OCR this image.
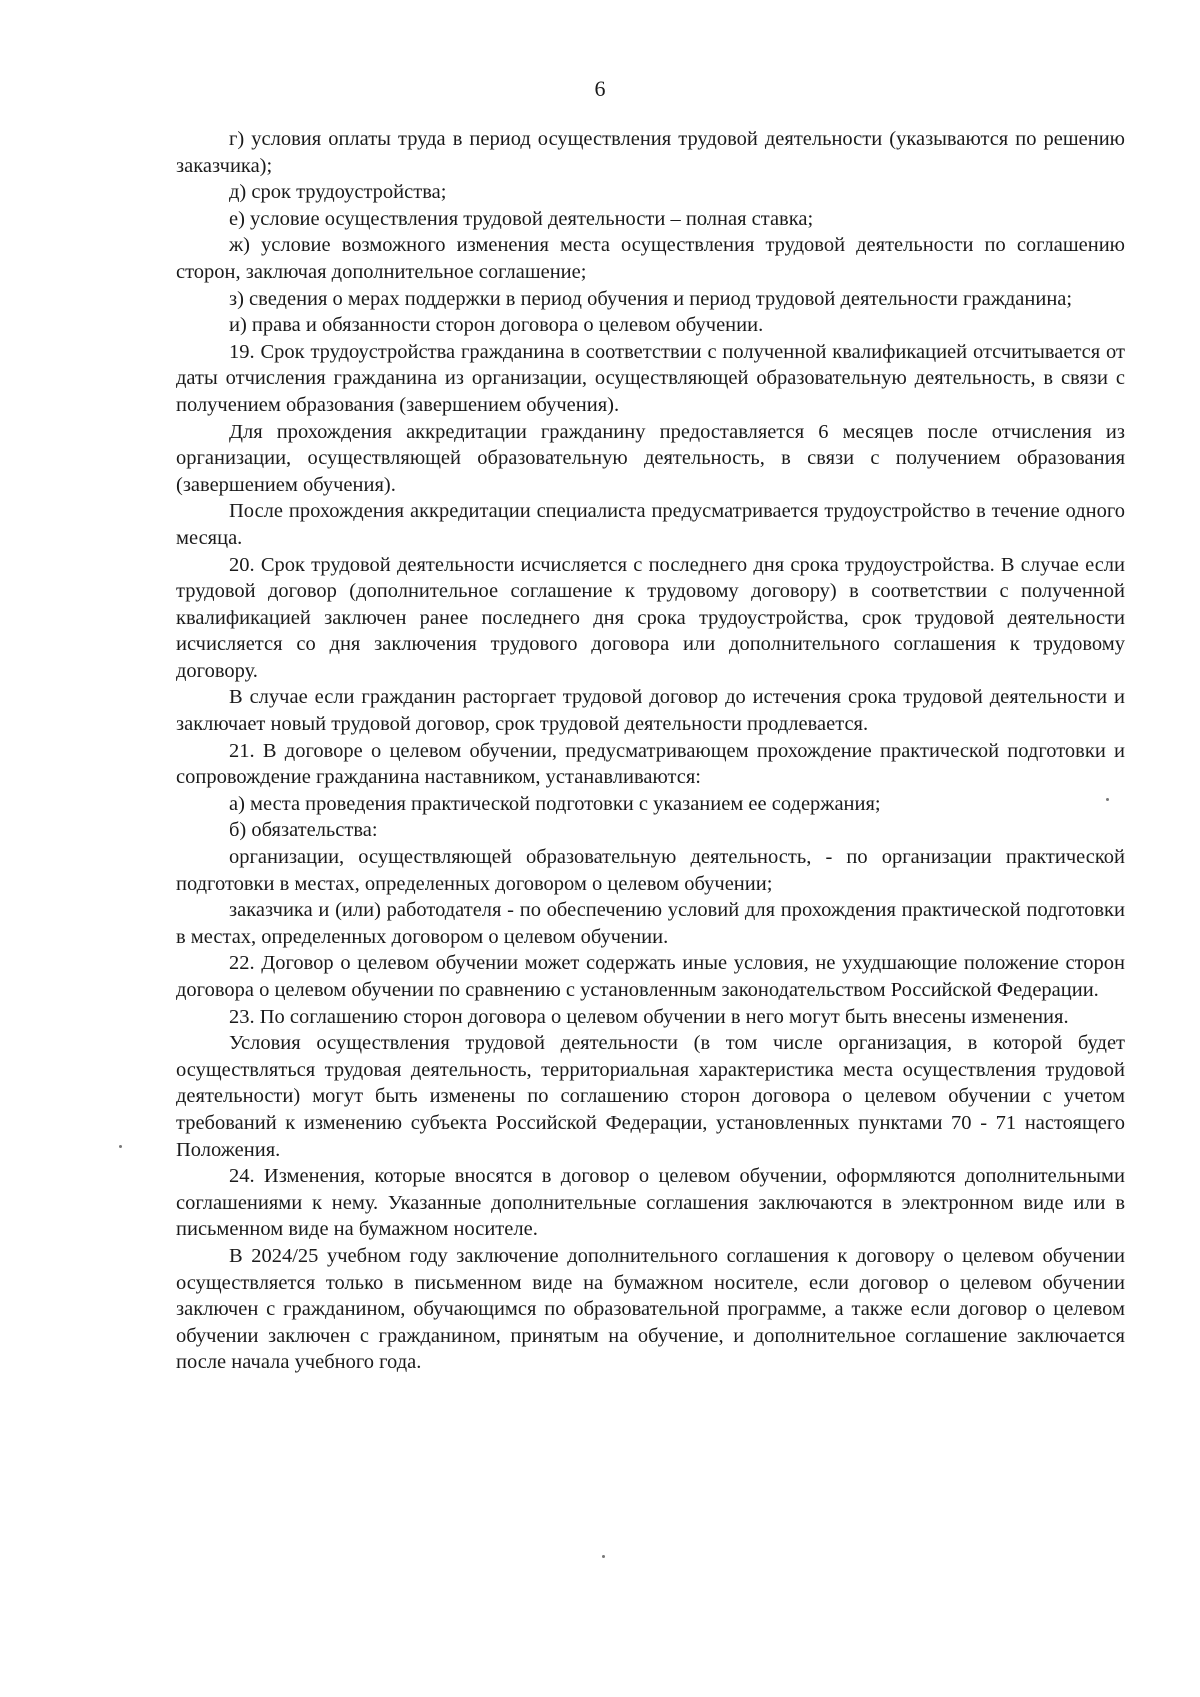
6

г) условия оплаты труда в период осуществления трудовой деятельности (указываются по решению заказчика);

д) срок трудоустройства;

е) условие осуществления трудовой деятельности – полная ставка;

ж) условие возможного изменения места осуществления трудовой деятельности по соглашению сторон, заключая дополнительное соглашение;

з) сведения о мерах поддержки в период обучения и период трудовой деятельности гражданина;

и) права и обязанности сторон договора о целевом обучении.

19. Срок трудоустройства гражданина в соответствии с полученной квалификацией отсчитывается от даты отчисления гражданина из организации, осуществляющей образовательную деятельность, в связи с получением образования (завершением обучения).

Для прохождения аккредитации гражданину предоставляется 6 месяцев после отчисления из организации, осуществляющей образовательную деятельность, в связи с получением образования (завершением обучения).

После прохождения аккредитации специалиста предусматривается трудоустройство в течение одного месяца.

20. Срок трудовой деятельности исчисляется с последнего дня срока трудоустройства. В случае если трудовой договор (дополнительное соглашение к трудовому договору) в соответствии с полученной квалификацией заключен ранее последнего дня срока трудоустройства, срок трудовой деятельности исчисляется со дня заключения трудового договора или дополнительного соглашения к трудовому договору.

В случае если гражданин расторгает трудовой договор до истечения срока трудовой деятельности и заключает новый трудовой договор, срок трудовой деятельности продлевается.

21. В договоре о целевом обучении, предусматривающем прохождение практической подготовки и сопровождение гражданина наставником, устанавливаются:

а) места проведения практической подготовки с указанием ее содержания;

б) обязательства:

организации, осуществляющей образовательную деятельность, - по организации практической подготовки в местах, определенных договором о целевом обучении;

заказчика и (или) работодателя - по обеспечению условий для прохождения практической подготовки в местах, определенных договором о целевом обучении.

22. Договор о целевом обучении может содержать иные условия, не ухудшающие положение сторон договора о целевом обучении по сравнению с установленным законодательством Российской Федерации.

23. По соглашению сторон договора о целевом обучении в него могут быть внесены изменения.

Условия осуществления трудовой деятельности (в том числе организация, в которой будет осуществляться трудовая деятельность, территориальная характеристика места осуществления трудовой деятельности) могут быть изменены по соглашению сторон договора о целевом обучении с учетом требований к изменению субъекта Российской Федерации, установленных пунктами 70 - 71 настоящего Положения.

24. Изменения, которые вносятся в договор о целевом обучении, оформляются дополнительными соглашениями к нему. Указанные дополнительные соглашения заключаются в электронном виде или в письменном виде на бумажном носителе.

В 2024/25 учебном году заключение дополнительного соглашения к договору о целевом обучении осуществляется только в письменном виде на бумажном носителе, если договор о целевом обучении заключен с гражданином, обучающимся по образовательной программе, а также если договор о целевом обучении заключен с гражданином, принятым на обучение, и дополнительное соглашение заключается после начала учебного года.
